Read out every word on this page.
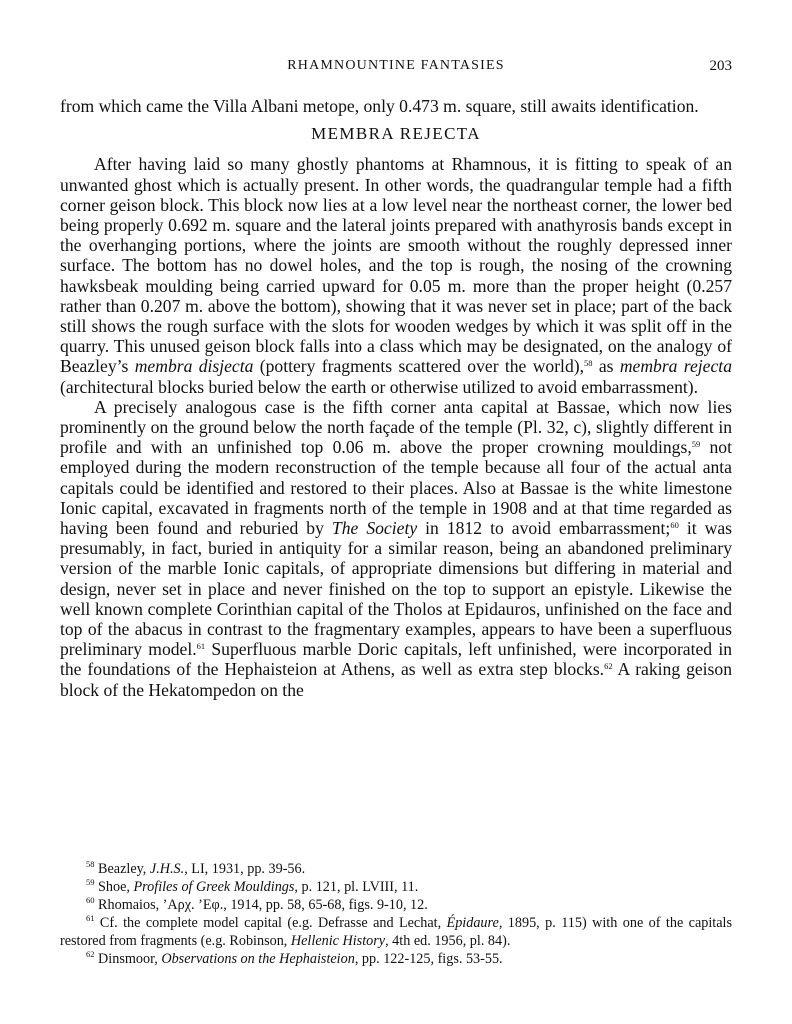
RHAMNOUNTINE FANTASIES	203

from which came the Villa Albani metope, only 0.473 m. square, still awaits identification.

MEMBRA REJECTA

After having laid so many ghostly phantoms at Rhamnous, it is fitting to speak of an unwanted ghost which is actually present. In other words, the quadrangular temple had a fifth corner geison block. This block now lies at a low level near the northeast corner, the lower bed being properly 0.692 m. square and the lateral joints prepared with anathyrosis bands except in the overhanging portions, where the joints are smooth without the roughly depressed inner surface. The bottom has no dowel holes, and the top is rough, the nosing of the crowning hawksbeak moulding being carried upward for 0.05 m. more than the proper height (0.257 rather than 0.207 m. above the bottom), showing that it was never set in place; part of the back still shows the rough surface with the slots for wooden wedges by which it was split off in the quarry. This unused geison block falls into a class which may be designated, on the analogy of Beazley’s membra disjecta (pottery fragments scattered over the world),$^{58}$ as membra rejecta (architectural blocks buried below the earth or otherwise utilized to avoid embarrassment).

A precisely analogous case is the fifth corner anta capital at Bassae, which now lies prominently on the ground below the north façade of the temple (Pl. 32, c), slightly different in profile and with an unfinished top 0.06 m. above the proper crowning mouldings,$^{59}$ not employed during the modern reconstruction of the temple because all four of the actual anta capitals could be identified and restored to their places. Also at Bassae is the white limestone Ionic capital, excavated in fragments north of the temple in 1908 and at that time regarded as having been found and reburied by The Society in 1812 to avoid embarrassment;$^{60}$ it was presumably, in fact, buried in antiquity for a similar reason, being an abandoned preliminary version of the marble Ionic capitals, of appropriate dimensions but differing in material and design, never set in place and never finished on the top to support an epistyle. Likewise the well known complete Corinthian capital of the Tholos at Epidauros, unfinished on the face and top of the abacus in contrast to the fragmentary examples, appears to have been a superfluous preliminary model.$^{61}$ Superfluous marble Doric capitals, left unfinished, were incorporated in the foundations of the Hephaisteion at Athens, as well as extra step blocks.$^{62}$ A raking geison block of the Hekatompedon on the

$^{58}$ Beazley, J.H.S., LI, 1931, pp. 39-56.

$^{59}$ Shoe, Profiles of Greek Mouldings, p. 121, pl. LVIII, 11.

$^{60}$ Rhomaios, ’Αρχ. ’Εφ., 1914, pp. 58, 65-68, figs. 9-10, 12.

$^{61}$ Cf. the complete model capital (e.g. Defrasse and Lechat, Épidaure, 1895, p. 115) with one of the capitals restored from fragments (e.g. Robinson, Hellenic History, 4th ed. 1956, pl. 84).

$^{62}$ Dinsmoor, Observations on the Hephaisteion, pp. 122-125, figs. 53-55.
